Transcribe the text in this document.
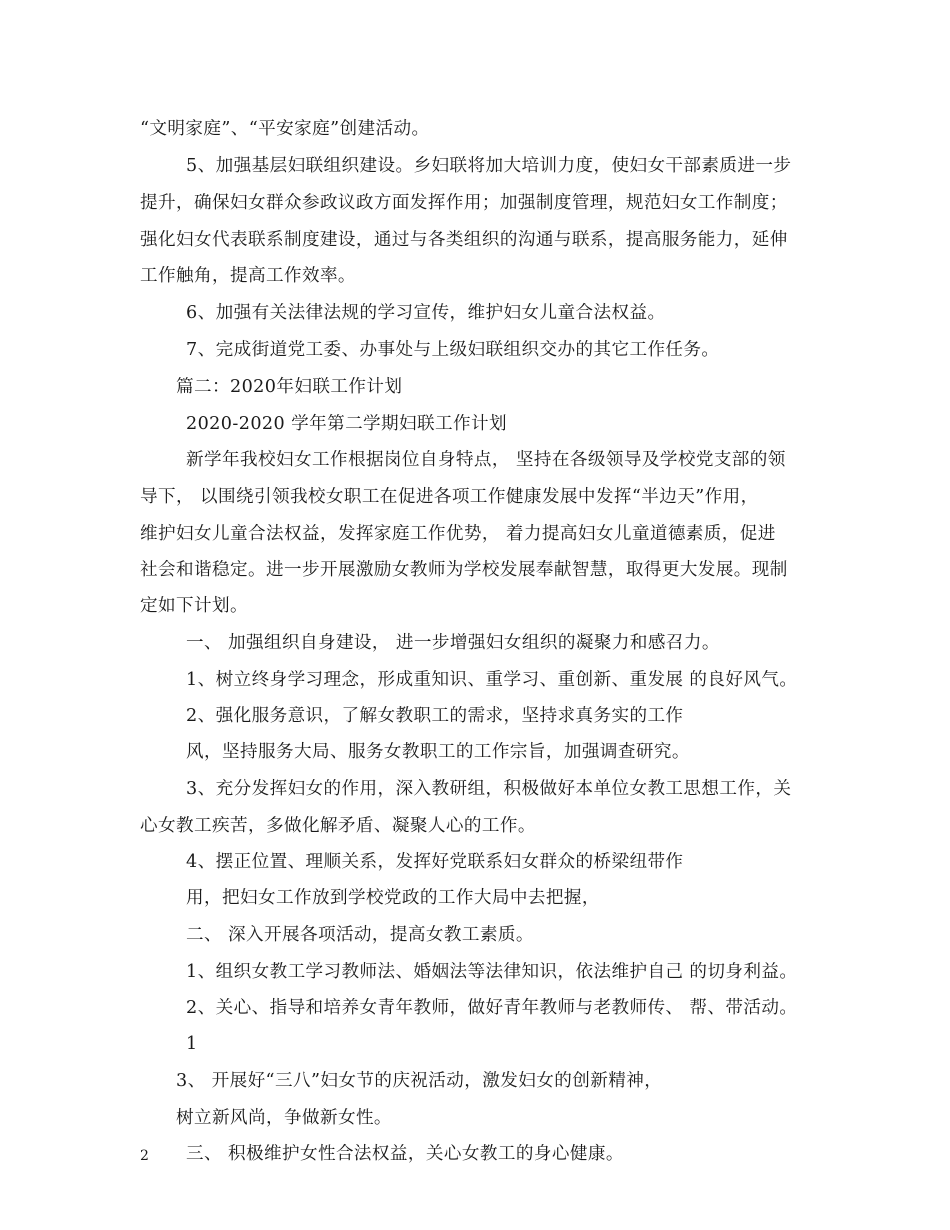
“文明家庭”、“平安家庭”创建活动。

5、加强基层妇联组织建设。乡妇联将加大培训力度，使妇女干部素质进一步

提升，确保妇女群众参政议政方面发挥作用；加强制度管理，规范妇女工作制度；

强化妇女代表联系制度建设，通过与各类组织的沟通与联系，提高服务能力，延伸

工作触角，提高工作效率。

6、加强有关法律法规的学习宣传，维护妇女儿童合法权益。

7、完成街道党工委、办事处与上级妇联组织交办的其它工作任务。

篇二：2020年妇联工作计划

2020-2020 学年第二学期妇联工作计划

新学年我校妇女工作根据岗位自身特点， 坚持在各级领导及学校党支部的领

导下， 以围绕引领我校女职工在促进各项工作健康发展中发挥“半边天”作用，

维护妇女儿童合法权益，发挥家庭工作优势， 着力提高妇女儿童道德素质，促进

社会和谐稳定。进一步开展激励女教师为学校发展奉献智慧，取得更大发展。现制

定如下计划。

一、 加强组织自身建设， 进一步增强妇女组织的凝聚力和感召力。

1、树立终身学习理念，形成重知识、重学习、重创新、重发展 的良好风气。

2、强化服务意识，了解女教职工的需求，坚持求真务实的工作

风，坚持服务大局、服务女教职工的工作宗旨，加强调查研究。

3、充分发挥妇女的作用，深入教研组，积极做好本单位女教工思想工作，关

心女教工疾苦，多做化解矛盾、凝聚人心的工作。

4、摆正位置、理顺关系，发挥好党联系妇女群众的桥梁纽带作

用，把妇女工作放到学校党政的工作大局中去把握，

二、 深入开展各项活动，提高女教工素质。

1、组织女教工学习教师法、婚姻法等法律知识，依法维护自己 的切身利益。

2、关心、指导和培养女青年教师，做好青年教师与老教师传、 帮、带活动。

1

3、 开展好“三八”妇女节的庆祝活动，激发妇女的创新精神，

树立新风尚，争做新女性。

三、 积极维护女性合法权益，关心女教工的身心健康。

2
